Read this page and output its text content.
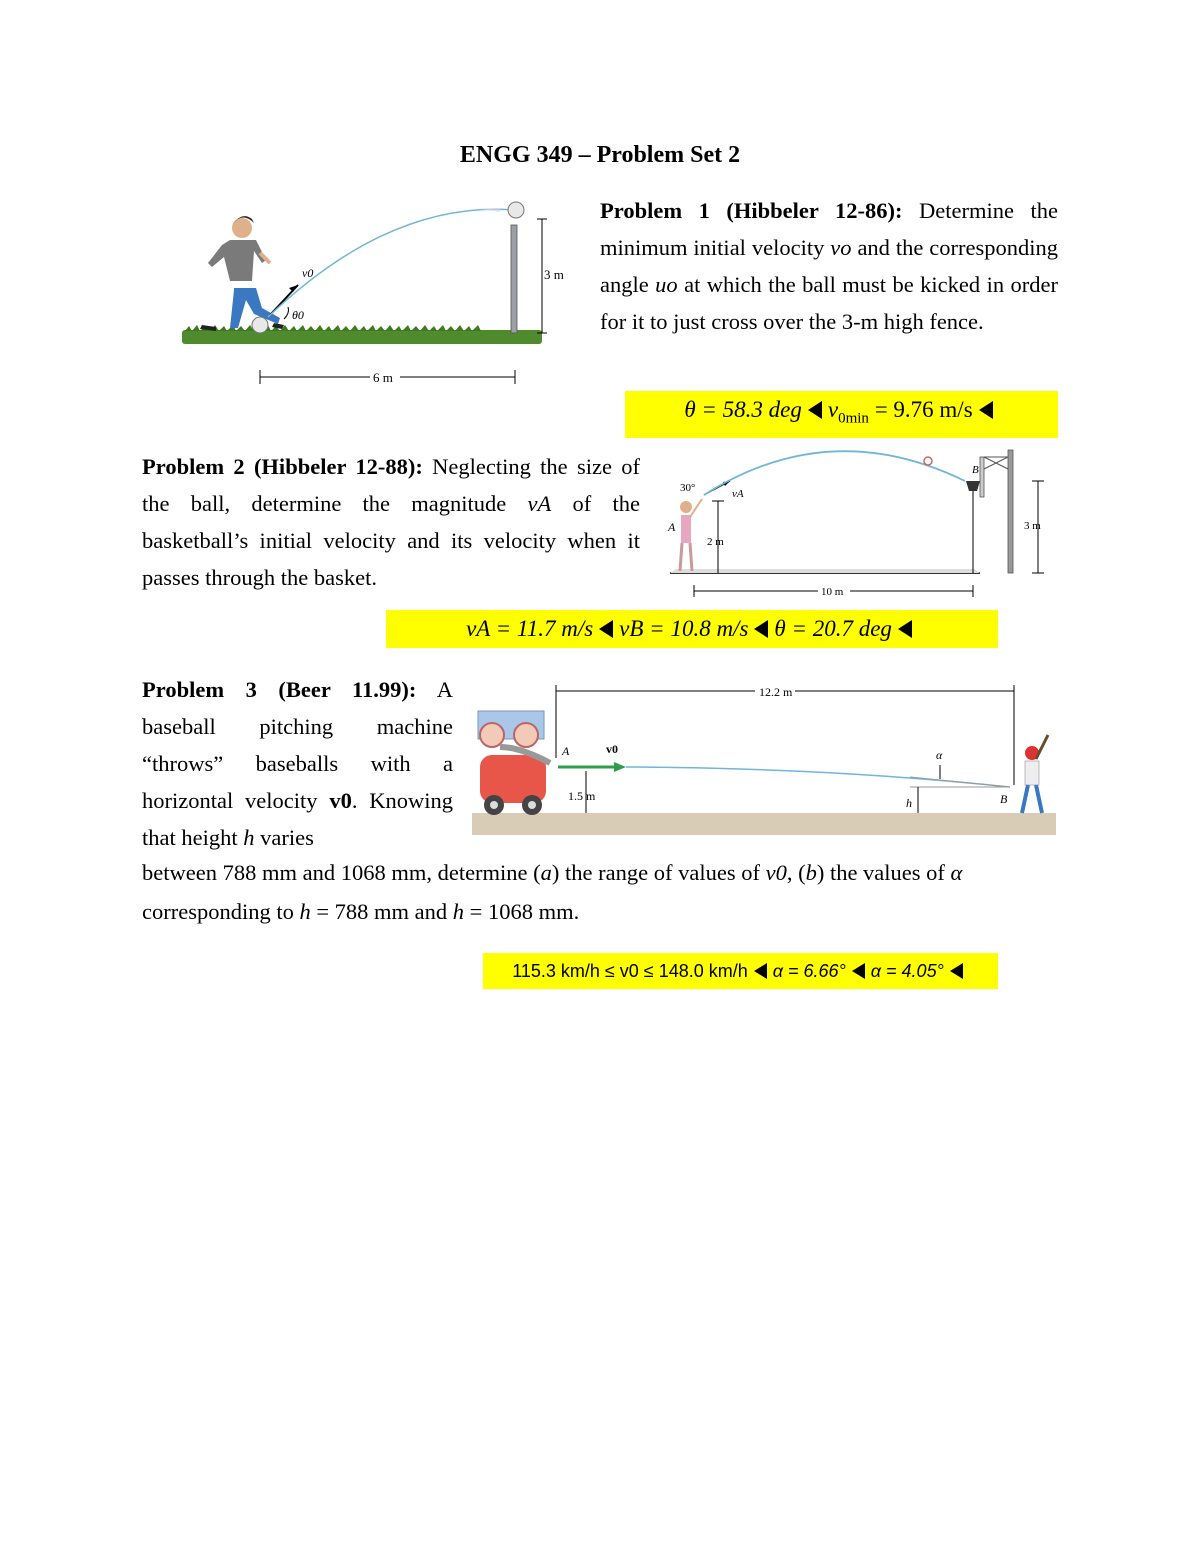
ENGG 349 – Problem Set 2
v0
θ0
3 m
6 m
Problem 1 (Hibbeler 12-86): Determine the minimum initial velocity vo and the corresponding angle uo at which the ball must be kicked in order for it to just cross over the 3-m high fence.
θ = 58.3 deg $v_{0min} = 9.76$ m/s
Problem 2 (Hibbeler 12-88): Neglecting the size of the ball, determine the magnitude vA of the basketball’s initial velocity and its velocity when it passes through the basket.
A
30°	vA
2 m
B
3 m
10 m
vA = 11.7 m/s vB = 10.8 m/s θ = 20.7 deg
12.2 m
A	v0
1.5 m
α
h	B
Problem 3 (Beer 11.99): A baseball pitching machine “throws” baseballs with a horizontal velocity v0. Knowing that height h varies
between 788 mm and 1068 mm, determine (a) the range of values of v0, (b) the values of α corresponding to h = 788 mm and h = 1068 mm.
115.3 km/h ≤ v0 ≤ 148.0 km/h α = 6.66° α = 4.05°
